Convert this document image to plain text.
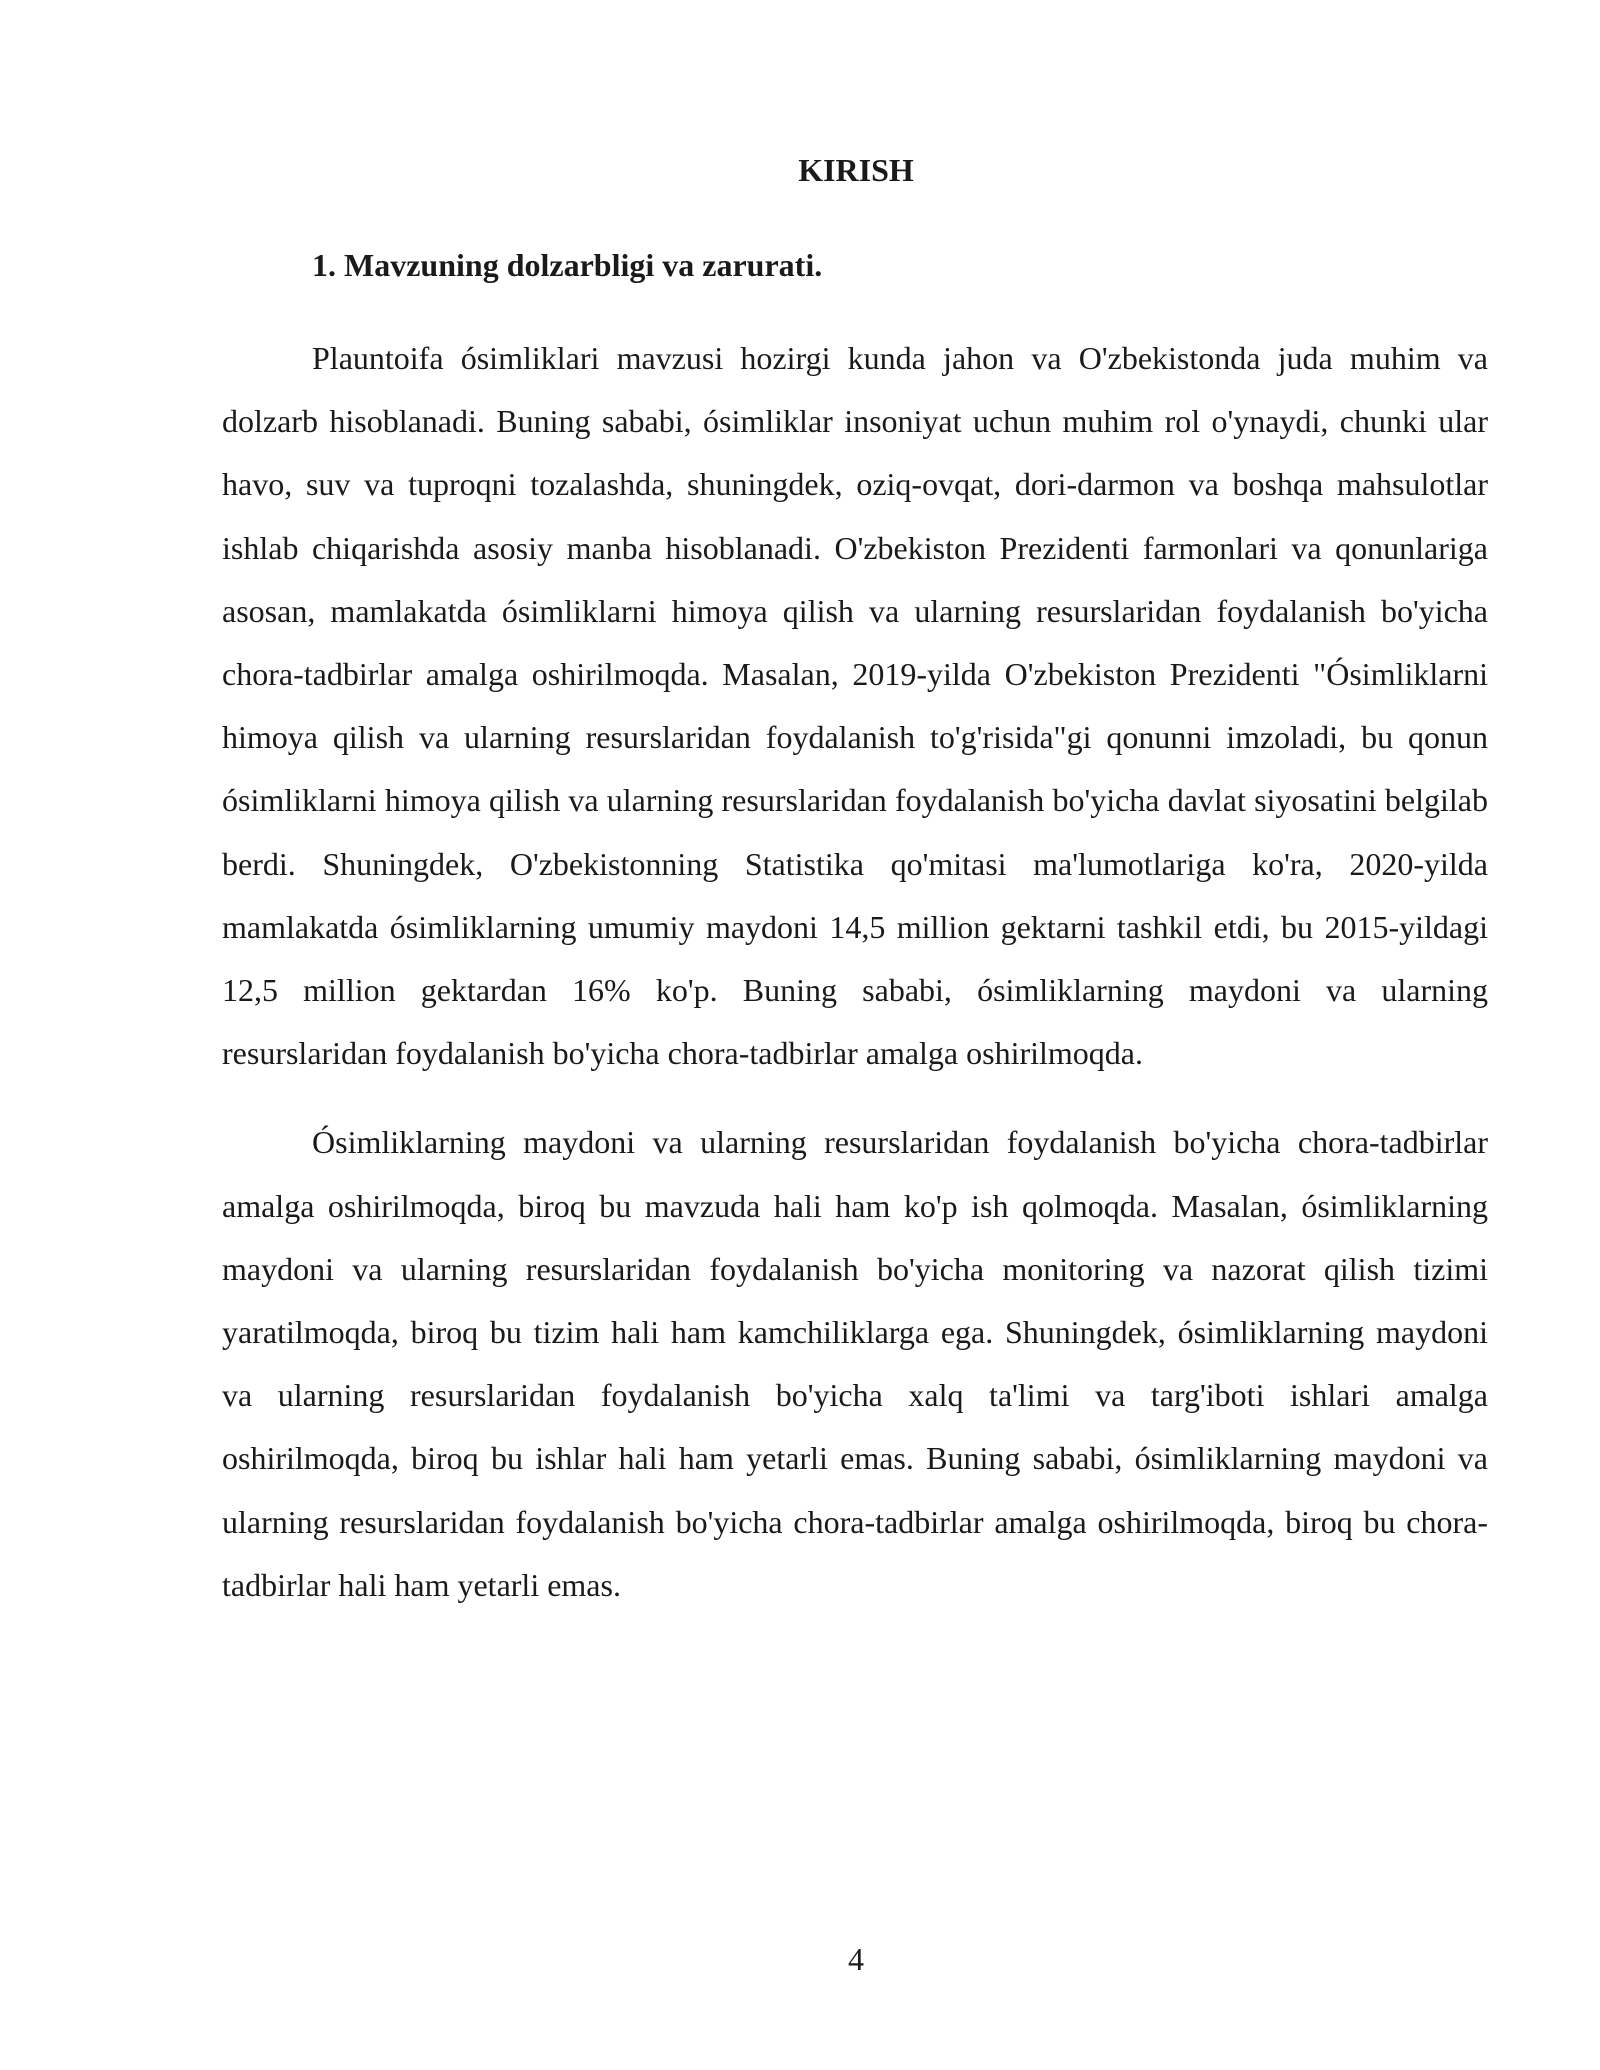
KIRISH
1. Mavzuning dolzarbligi va zarurati.

Plauntoifa ósimliklari mavzusi hozirgi kunda jahon va O'zbekistonda juda muhim va dolzarb hisoblanadi. Buning sababi, ósimliklar insoniyat uchun muhim rol o'ynaydi, chunki ular havo, suv va tuproqni tozalashda, shuningdek, oziq-ovqat, dori-darmon va boshqa mahsulotlar ishlab chiqarishda asosiy manba hisoblanadi. O'zbekiston Prezidenti farmonlari va qonunlariga asosan, mamlakatda ósimliklarni himoya qilish va ularning resurslaridan foydalanish bo'yicha chora-tadbirlar amalga oshirilmoqda. Masalan, 2019-yilda O'zbekiston Prezidenti "Ósimliklarni himoya qilish va ularning resurslaridan foydalanish to'g'risida"gi qonunni imzoladi, bu qonun ósimliklarni himoya qilish va ularning resurslaridan foydalanish bo'yicha davlat siyosatini belgilab berdi. Shuningdek, O'zbekistonning Statistika qo'mitasi ma'lumotlariga ko'ra, 2020-yilda mamlakatda ósimliklarning umumiy maydoni 14,5 million gektarni tashkil etdi, bu 2015-yildagi 12,5 million gektardan 16% ko'p. Buning sababi, ósimliklarning maydoni va ularning resurslaridan foydalanish bo'yicha chora-tadbirlar amalga oshirilmoqda.

Ósimliklarning maydoni va ularning resurslaridan foydalanish bo'yicha chora-tadbirlar amalga oshirilmoqda, biroq bu mavzuda hali ham ko'p ish qolmoqda. Masalan, ósimliklarning maydoni va ularning resurslaridan foydalanish bo'yicha monitoring va nazorat qilish tizimi yaratilmoqda, biroq bu tizim hali ham kamchiliklarga ega. Shuningdek, ósimliklarning maydoni va ularning resurslaridan foydalanish bo'yicha xalq ta'limi va targ'iboti ishlari amalga oshirilmoqda, biroq bu ishlar hali ham yetarli emas. Buning sababi, ósimliklarning maydoni va ularning resurslaridan foydalanish bo'yicha chora-tadbirlar amalga oshirilmoqda, biroq bu chora-tadbirlar hali ham yetarli emas.

4
